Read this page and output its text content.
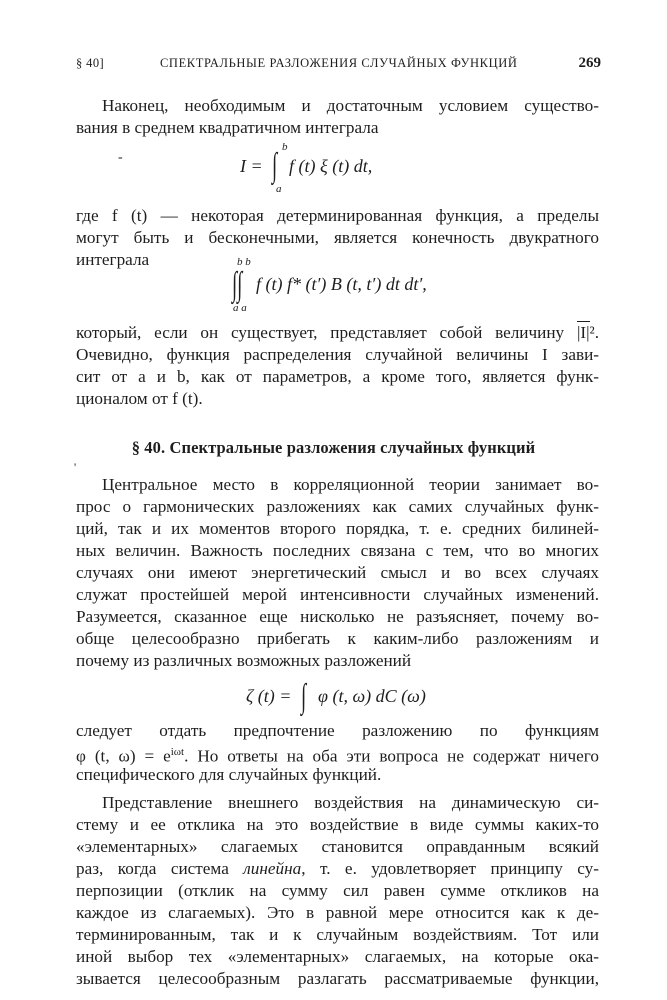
§ 40]	СПЕКТРАЛЬНЫЕ РАЗЛОЖЕНИЯ СЛУЧАЙНЫХ ФУНКЦИЙ	269

Наконец, необходимым и достаточным условием существо-

вания в среднем квадратичном интеграла

-
b
I = ∫ f (t) ξ (t) dt,
a

где f (t) — некоторая детерминированная функция, а пределы

могут быть и бесконечными, является конечность двукратного

интеграла	b b
∫∫ f (t) f* (t′) B (t, t′) dt dt′,
a a

который, если он существует, представляет собой величину |I|².

Очевидно, функция распределения случайной величины I зави-

сит от a и b, как от параметров, а кроме того, является функ-

ционалом от f (t).

§ 40. Спектральные разложения случайных функций
'

Центральное место в корреляционной теории занимает во-

прос о гармонических разложениях как самих случайных функ-

ций, так и их моментов второго порядка, т. е. средних билиней-

ных величин. Важность последних связана с тем, что во многих

случаях они имеют энергетический смысл и во всех случаях

служат простейшей мерой интенсивности случайных изменений.

Разумеется, сказанное еще нисколько не разъясняет, почему во-

обще целесообразно прибегать к каким-либо разложениям и

почему из различных возможных разложений

ζ (t) = ∫ φ (t, ω) dC (ω)

следует отдать предпочтение разложению по функциям

φ (t, $\omega) = e^{i\omega t}$. Но ответы на оба эти вопроса не содержат ничего

специфического для случайных функций.

Представление внешнего воздействия на динамическую си-

стему и ее отклика на это воздействие в виде суммы каких-то

«элементарных» слагаемых становится оправданным всякий

раз, когда система линейна, т. е. удовлетворяет принципу су-

перпозиции (отклик на сумму сил равен сумме откликов на

каждое из слагаемых). Это в равной мере относится как к де-

терминированным, так и к случайным воздействиям. Тот или

иной выбор тех «элементарных» слагаемых, на которые ока-

зывается целесообразным разлагать рассматриваемые функции,
